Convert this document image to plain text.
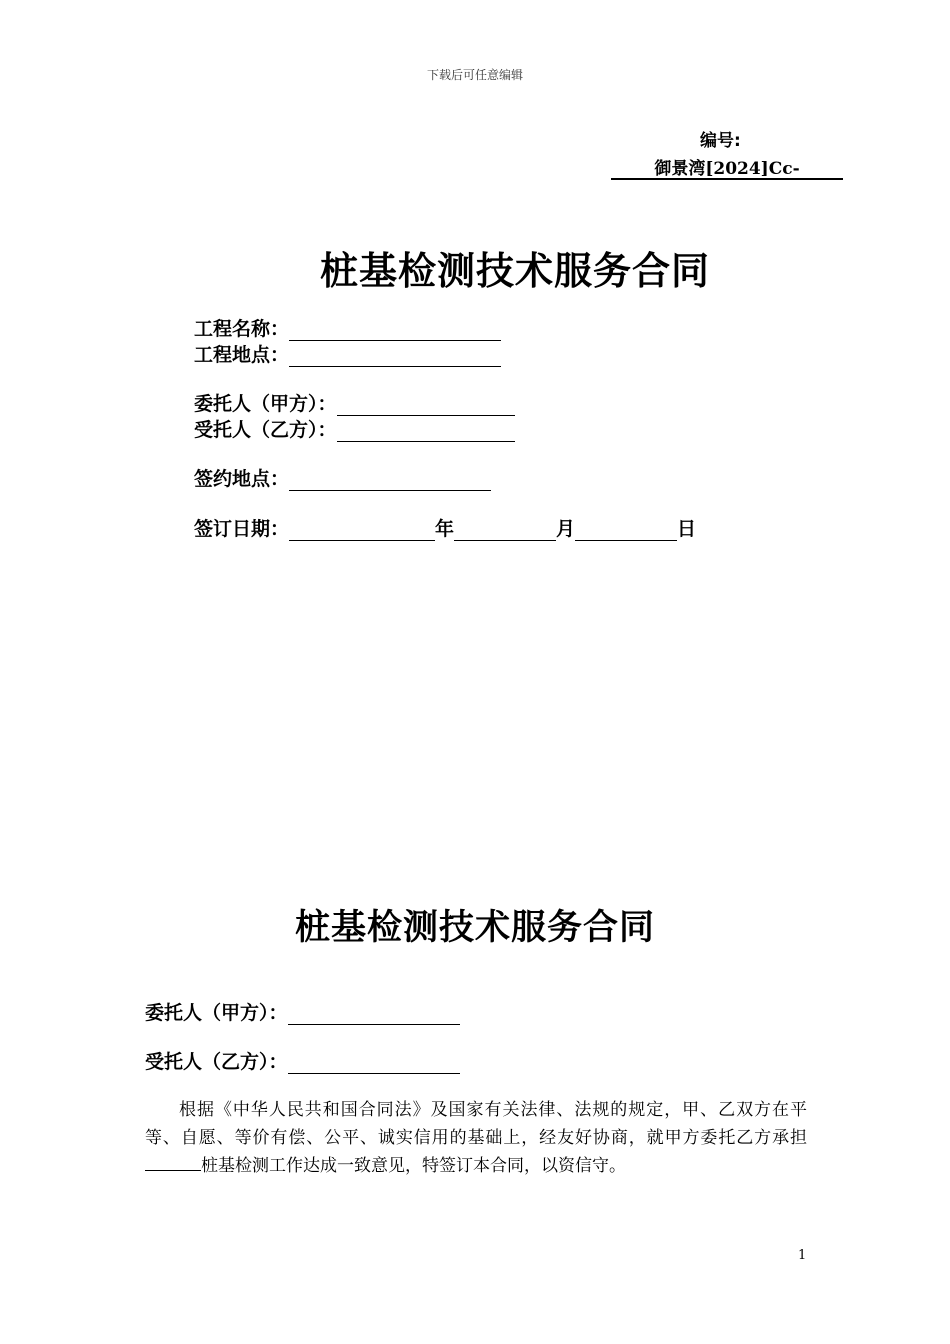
下载后可任意编辑
编号:
御景湾[2024]Cc-
桩基检测技术服务合同
工程名称：
工程地点：
委托人（甲方）：
受托人（乙方）：
签约地点：
签订日期：	年	月	日
桩基检测技术服务合同
委托人（甲方）：
受托人（乙方）：

根据《中华人民共和国合同法》及国家有关法律、法规的规定，甲、乙双方在平等、自愿、等价有偿、公平、诚实信用的基础上，经友好协商，就甲方委托乙方承担桩基检测工作达成一致意见，特签订本合同，以资信守。

1
